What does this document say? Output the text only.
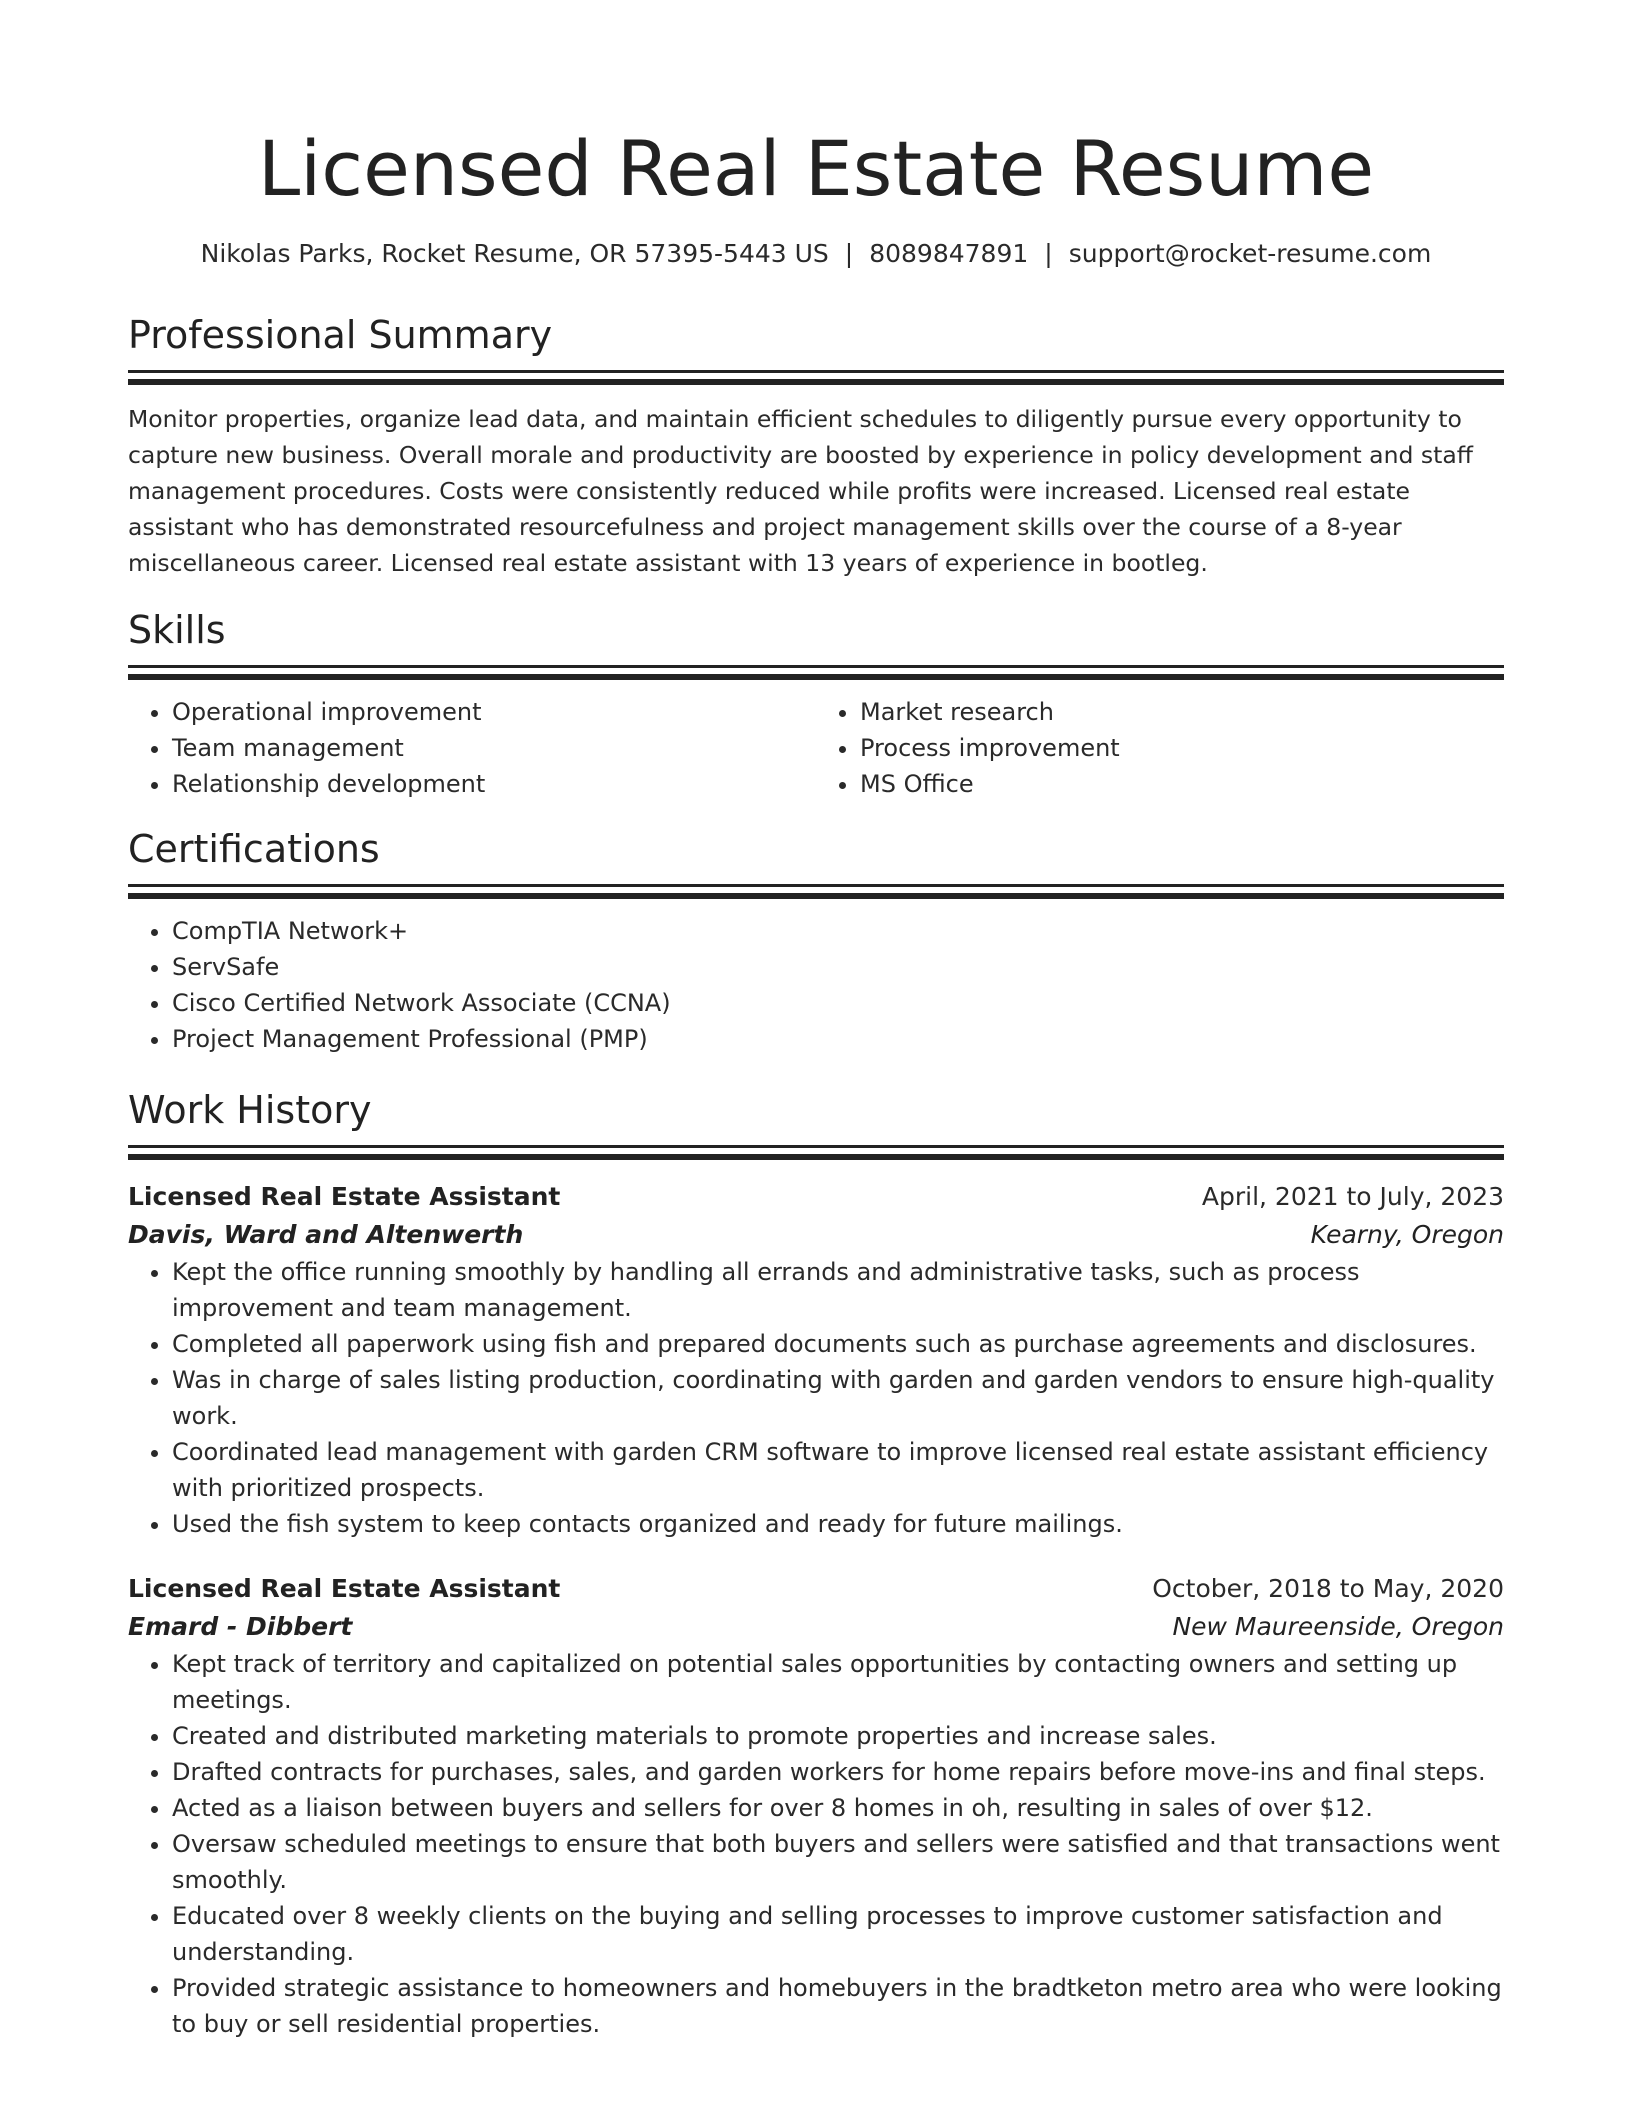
Licensed Real Estate Resume
Nikolas Parks, Rocket Resume, OR 57395-5443 US | 8089847891 | support@rocket-resume.com
Professional Summary
Monitor properties, organize lead data, and maintain efficient schedules to diligently pursue every opportunity to capture new business. Overall morale and productivity are boosted by experience in policy development and staff management procedures. Costs were consistently reduced while profits were increased. Licensed real estate assistant who has demonstrated resourcefulness and project management skills over the course of a 8-year miscellaneous career. Licensed real estate assistant with 13 years of experience in bootleg.
Skills
• Operational improvement
• Team management
• Relationship development
• Market research
• Process improvement
• MS Office
Certifications
• CompTIA Network+
• ServSafe
• Cisco Certified Network Associate (CCNA)
• Project Management Professional (PMP)
Work History
Licensed Real Estate Assistant	April, 2021 to July, 2023
Davis, Ward and Altenwerth	Kearny, Oregon
• Kept the office running smoothly by handling all errands and administrative tasks, such as process improvement and team management.
• Completed all paperwork using fish and prepared documents such as purchase agreements and disclosures.
• Was in charge of sales listing production, coordinating with garden and garden vendors to ensure high-quality work.
• Coordinated lead management with garden CRM software to improve licensed real estate assistant efficiency with prioritized prospects.
• Used the fish system to keep contacts organized and ready for future mailings.
Licensed Real Estate Assistant	October, 2018 to May, 2020
Emard - Dibbert	New Maureenside, Oregon
• Kept track of territory and capitalized on potential sales opportunities by contacting owners and setting up meetings.
• Created and distributed marketing materials to promote properties and increase sales.
• Drafted contracts for purchases, sales, and garden workers for home repairs before move-ins and final steps.
• Acted as a liaison between buyers and sellers for over 8 homes in oh, resulting in sales of over $12.
• Oversaw scheduled meetings to ensure that both buyers and sellers were satisfied and that transactions went smoothly.
• Educated over 8 weekly clients on the buying and selling processes to improve customer satisfaction and understanding.
• Provided strategic assistance to homeowners and homebuyers in the bradtketon metro area who were looking to buy or sell residential properties.
